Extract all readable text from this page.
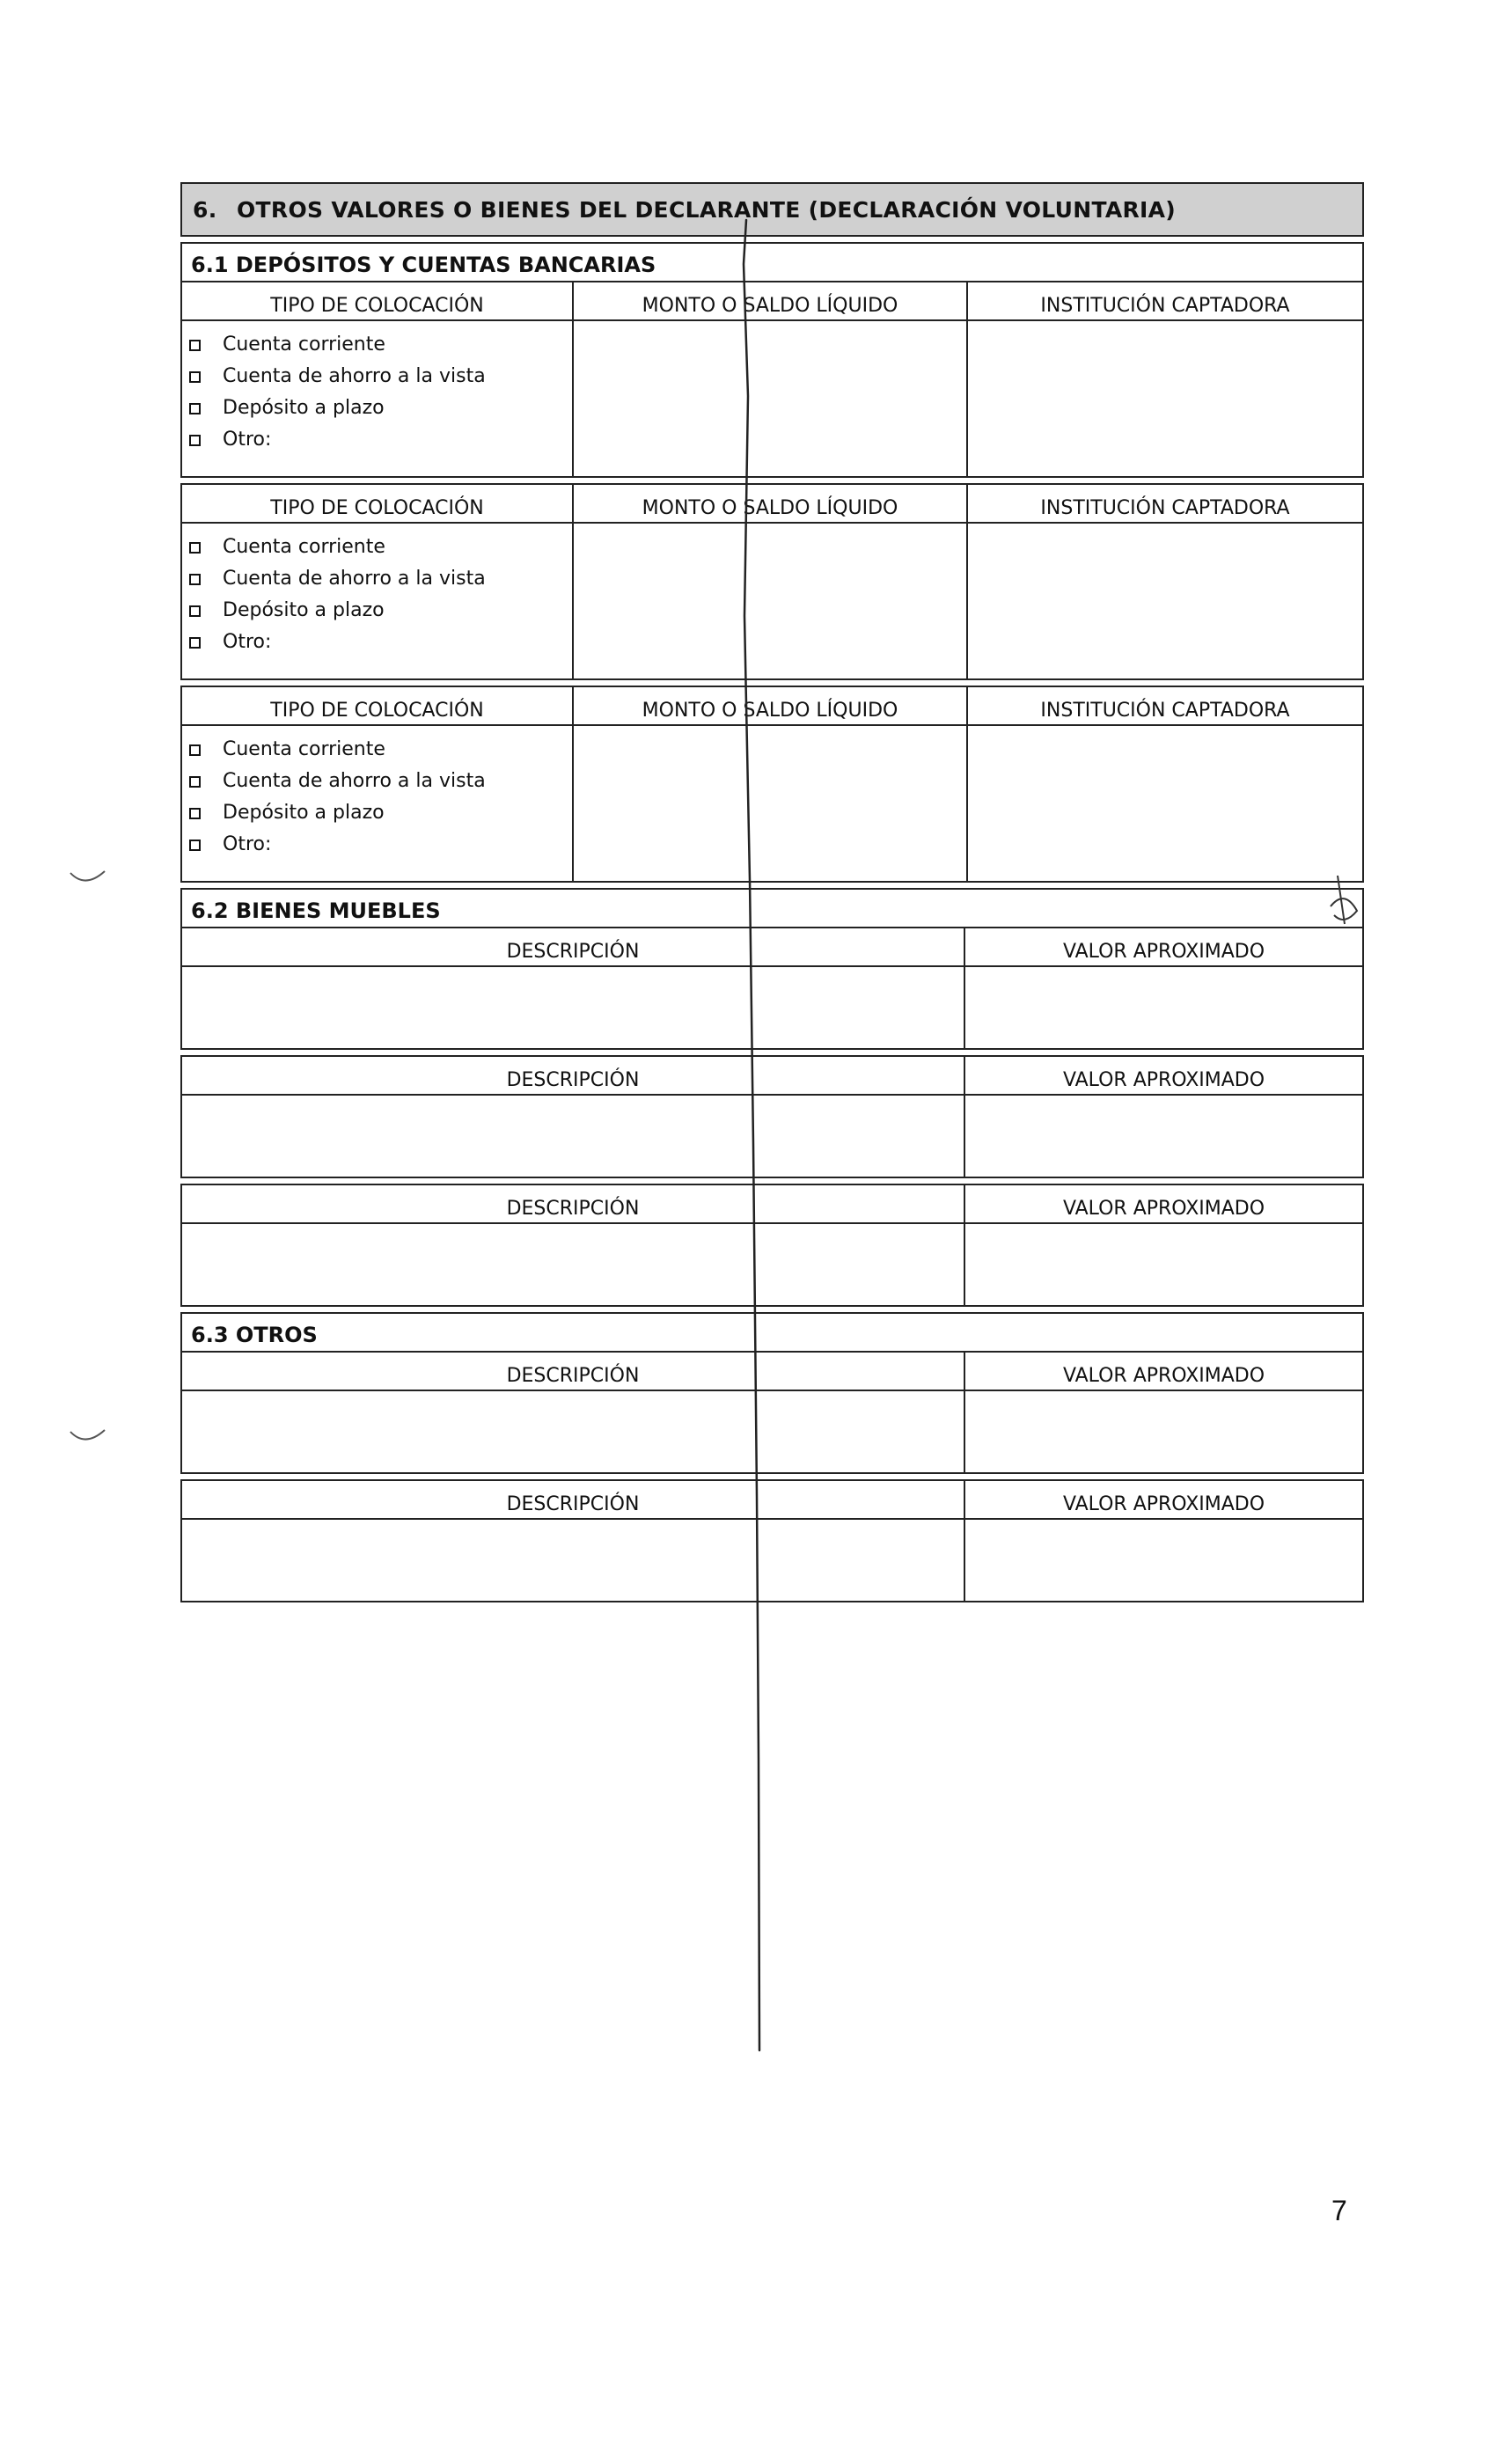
6. OTROS VALORES O BIENES DEL DECLARANTE (DECLARACIÓN VOLUNTARIA)
6.1 DEPÓSITOS Y CUENTAS BANCARIAS
TIPO DE COLOCACIÓN	MONTO O SALDO LÍQUIDO	INSTITUCIÓN CAPTADORA
Cuenta corriente
Cuenta de ahorro a la vista
Depósito a plazo
Otro:
TIPO DE COLOCACIÓN	MONTO O SALDO LÍQUIDO	INSTITUCIÓN CAPTADORA
Cuenta corriente
Cuenta de ahorro a la vista
Depósito a plazo
Otro:
TIPO DE COLOCACIÓN	MONTO O SALDO LÍQUIDO	INSTITUCIÓN CAPTADORA
Cuenta corriente
Cuenta de ahorro a la vista
Depósito a plazo
Otro:
6.2 BIENES MUEBLES
DESCRIPCIÓN	VALOR APROXIMADO
DESCRIPCIÓN	VALOR APROXIMADO
DESCRIPCIÓN	VALOR APROXIMADO
6.3 OTROS
DESCRIPCIÓN	VALOR APROXIMADO
DESCRIPCIÓN	VALOR APROXIMADO
7
